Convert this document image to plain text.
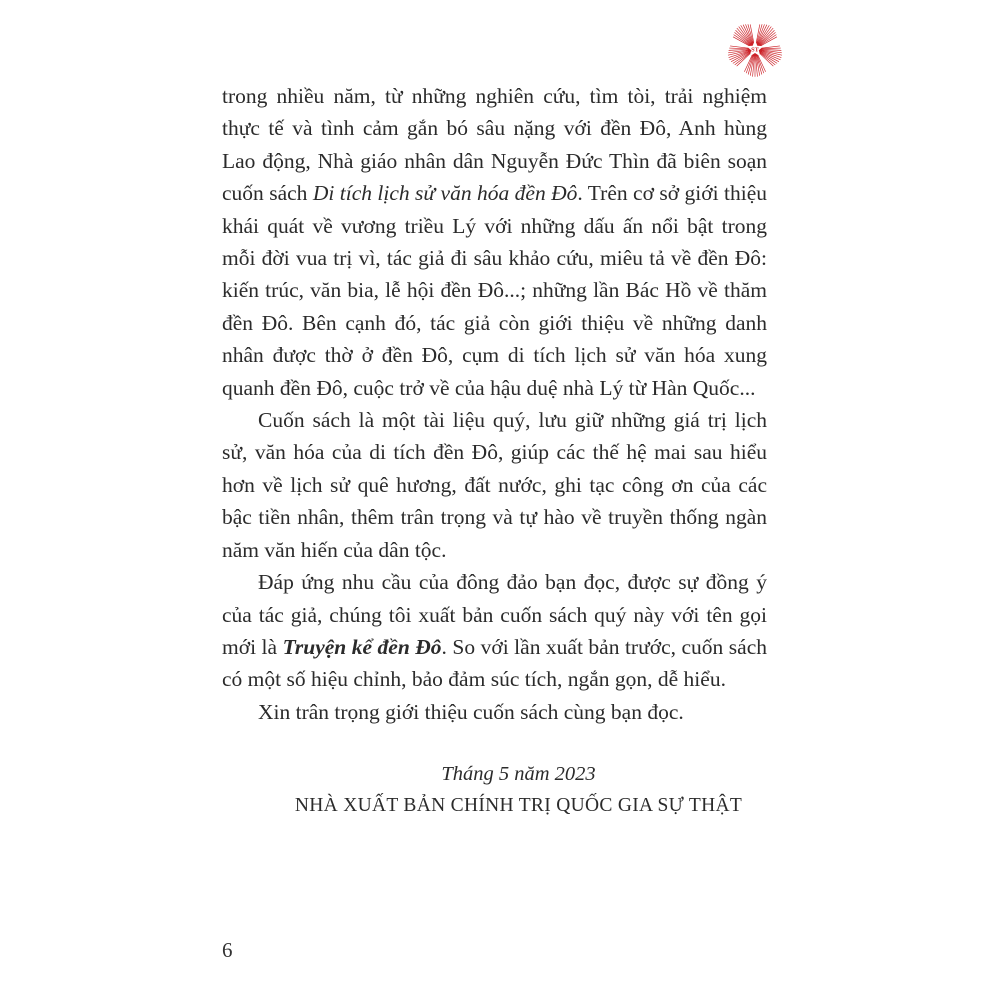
ST
trong nhiều năm, từ những nghiên cứu, tìm tòi, trải nghiệm
thực tế và tình cảm gắn bó sâu nặng với đền Đô, Anh hùng
Lao động, Nhà giáo nhân dân Nguyễn Đức Thìn đã biên soạn
cuốn sách Di tích lịch sử văn hóa đền Đô. Trên cơ sở giới thiệu
khái quát về vương triều Lý với những dấu ấn nổi bật trong
mỗi đời vua trị vì, tác giả đi sâu khảo cứu, miêu tả về đền Đô:
kiến trúc, văn bia, lễ hội đền Đô...; những lần Bác Hồ về thăm
đền Đô. Bên cạnh đó, tác giả còn giới thiệu về những danh
nhân được thờ ở đền Đô, cụm di tích lịch sử văn hóa xung
quanh đền Đô, cuộc trở về của hậu duệ nhà Lý từ Hàn Quốc...
Cuốn sách là một tài liệu quý, lưu giữ những giá trị lịch
sử, văn hóa của di tích đền Đô, giúp các thế hệ mai sau hiểu
hơn về lịch sử quê hương, đất nước, ghi tạc công ơn của các
bậc tiền nhân, thêm trân trọng và tự hào về truyền thống ngàn
năm văn hiến của dân tộc.
Đáp ứng nhu cầu của đông đảo bạn đọc, được sự đồng ý
của tác giả, chúng tôi xuất bản cuốn sách quý này với tên gọi
mới là Truyện kể đền Đô. So với lần xuất bản trước, cuốn sách
có một số hiệu chỉnh, bảo đảm súc tích, ngắn gọn, dễ hiểu.
Xin trân trọng giới thiệu cuốn sách cùng bạn đọc.
Tháng 5 năm 2023
NHÀ XUẤT BẢN CHÍNH TRỊ QUỐC GIA SỰ THẬT
6
